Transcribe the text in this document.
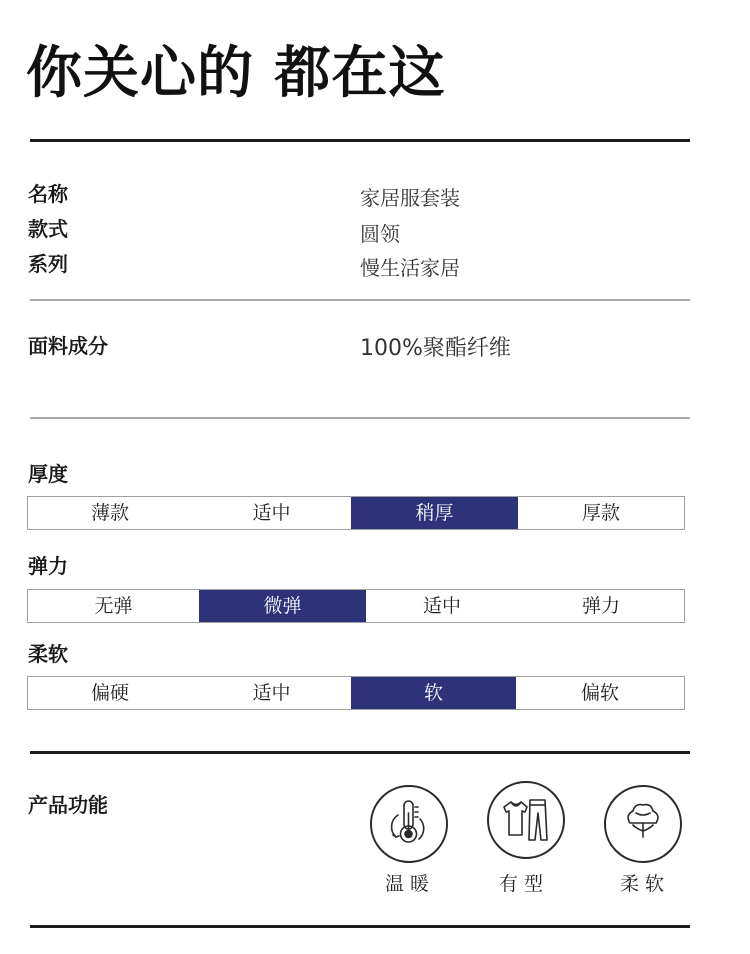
你关心的 都在这
名称	家居服套装
款式	圆领
系列	慢生活家居
面料成分	100%聚酯纤维
厚度
薄款	适中	稍厚	厚款
弹力
无弹	微弹	适中	弹力
柔软
偏硬	适中	软	偏软
产品功能
温暖	有型	柔软
